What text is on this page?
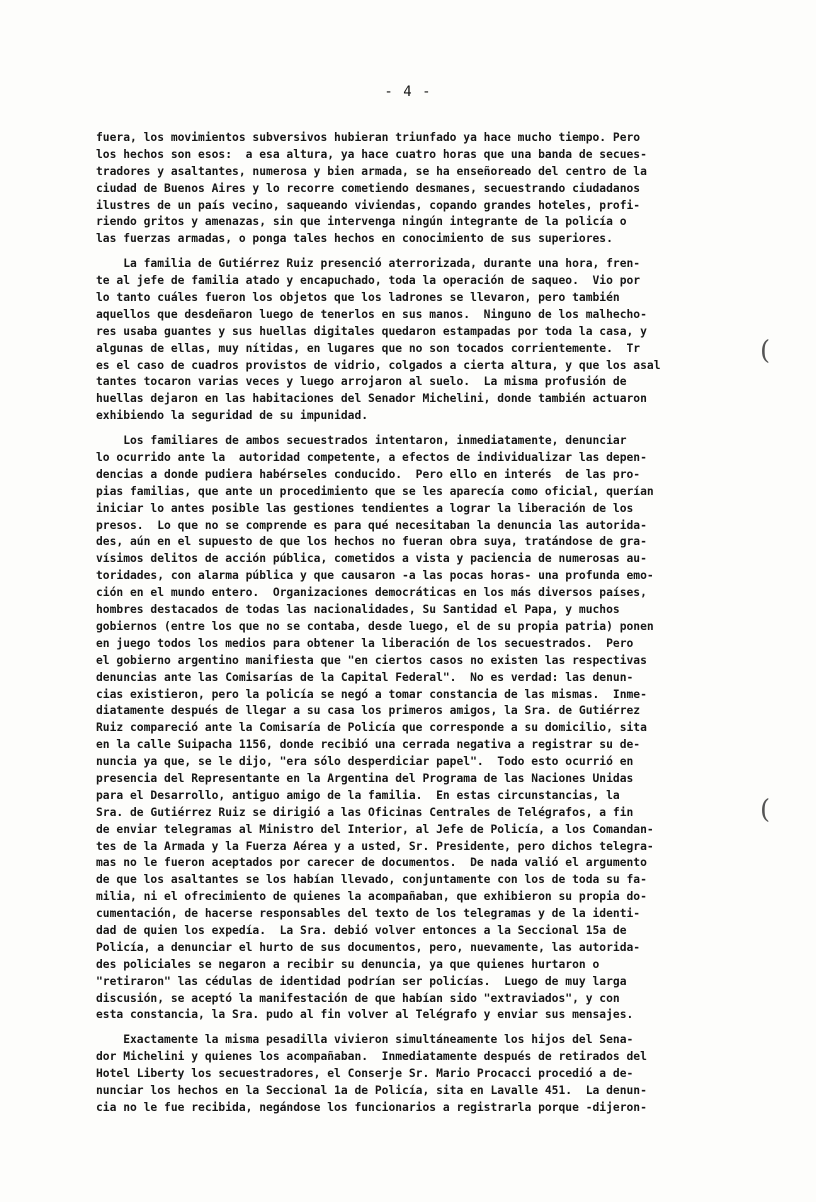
- 4 -
fuera, los movimientos subversivos hubieran triunfado ya hace mucho tiempo. Pero
los hechos son esos:  a esa altura, ya hace cuatro horas que una banda de secues-
tradores y asaltantes, numerosa y bien armada, se ha enseñoreado del centro de la
ciudad de Buenos Aires y lo recorre cometiendo desmanes, secuestrando ciudadanos
ilustres de un país vecino, saqueando viviendas, copando grandes hoteles, profi-
riendo gritos y amenazas, sin que intervenga ningún integrante de la policía o
las fuerzas armadas, o ponga tales hechos en conocimiento de sus superiores.
La familia de Gutiérrez Ruiz presenció aterrorizada, durante una hora, fren-
te al jefe de familia atado y encapuchado, toda la operación de saqueo.  Vio por
lo tanto cuáles fueron los objetos que los ladrones se llevaron, pero también
aquellos que desdeñaron luego de tenerlos en sus manos.  Ninguno de los malhecho-
res usaba guantes y sus huellas digitales quedaron estampadas por toda la casa, y
algunas de ellas, muy nítidas, en lugares que no son tocados corrientemente.  Tr
es el caso de cuadros provistos de vidrio, colgados a cierta altura, y que los asal
tantes tocaron varias veces y luego arrojaron al suelo.  La misma profusión de
huellas dejaron en las habitaciones del Senador Michelini, donde también actuaron
exhibiendo la seguridad de su impunidad.
Los familiares de ambos secuestrados intentaron, inmediatamente, denunciar
lo ocurrido ante la  autoridad competente, a efectos de individualizar las depen-
dencias a donde pudiera habérseles conducido.  Pero ello en interés  de las pro-
pias familias, que ante un procedimiento que se les aparecía como oficial, querían
iniciar lo antes posible las gestiones tendientes a lograr la liberación de los
presos.  Lo que no se comprende es para qué necesitaban la denuncia las autorida-
des, aún en el supuesto de que los hechos no fueran obra suya, tratándose de gra-
vísimos delitos de acción pública, cometidos a vista y paciencia de numerosas au-
toridades, con alarma pública y que causaron -a las pocas horas- una profunda emo-
ción en el mundo entero.  Organizaciones democráticas en los más diversos países,
hombres destacados de todas las nacionalidades, Su Santidad el Papa, y muchos
gobiernos (entre los que no se contaba, desde luego, el de su propia patria) ponen
en juego todos los medios para obtener la liberación de los secuestrados.  Pero
el gobierno argentino manifiesta que "en ciertos casos no existen las respectivas
denuncias ante las Comisarías de la Capital Federal".  No es verdad: las denun-
cias existieron, pero la policía se negó a tomar constancia de las mismas.  Inme-
diatamente después de llegar a su casa los primeros amigos, la Sra. de Gutiérrez
Ruiz compareció ante la Comisaría de Policía que corresponde a su domicilio, sita
en la calle Suipacha 1156, donde recibió una cerrada negativa a registrar su de-
nuncia ya que, se le dijo, "era sólo desperdiciar papel".  Todo esto ocurrió en
presencia del Representante en la Argentina del Programa de las Naciones Unidas
para el Desarrollo, antiguo amigo de la familia.  En estas circunstancias, la
Sra. de Gutiérrez Ruiz se dirigió a las Oficinas Centrales de Telégrafos, a fin
de enviar telegramas al Ministro del Interior, al Jefe de Policía, a los Comandan-
tes de la Armada y la Fuerza Aérea y a usted, Sr. Presidente, pero dichos telegra-
mas no le fueron aceptados por carecer de documentos.  De nada valió el argumento
de que los asaltantes se los habían llevado, conjuntamente con los de toda su fa-
milia, ni el ofrecimiento de quienes la acompañaban, que exhibieron su propia do-
cumentación, de hacerse responsables del texto de los telegramas y de la identi-
dad de quien los expedía.  La Sra. debió volver entonces a la Seccional 15a de
Policía, a denunciar el hurto de sus documentos, pero, nuevamente, las autorida-
des policiales se negaron a recibir su denuncia, ya que quienes hurtaron o
"retiraron" las cédulas de identidad podrían ser policías.  Luego de muy larga
discusión, se aceptó la manifestación de que habían sido "extraviados", y con
esta constancia, la Sra. pudo al fin volver al Telégrafo y enviar sus mensajes.
Exactamente la misma pesadilla vivieron simultáneamente los hijos del Sena-
dor Michelini y quienes los acompañaban.  Inmediatamente después de retirados del
Hotel Liberty los secuestradores, el Conserje Sr. Mario Procacci procedió a de-
nunciar los hechos en la Seccional 1a de Policía, sita en Lavalle 451.  La denun-
cia no le fue recibida, negándose los funcionarios a registrarla porque -dijeron-
(
(
